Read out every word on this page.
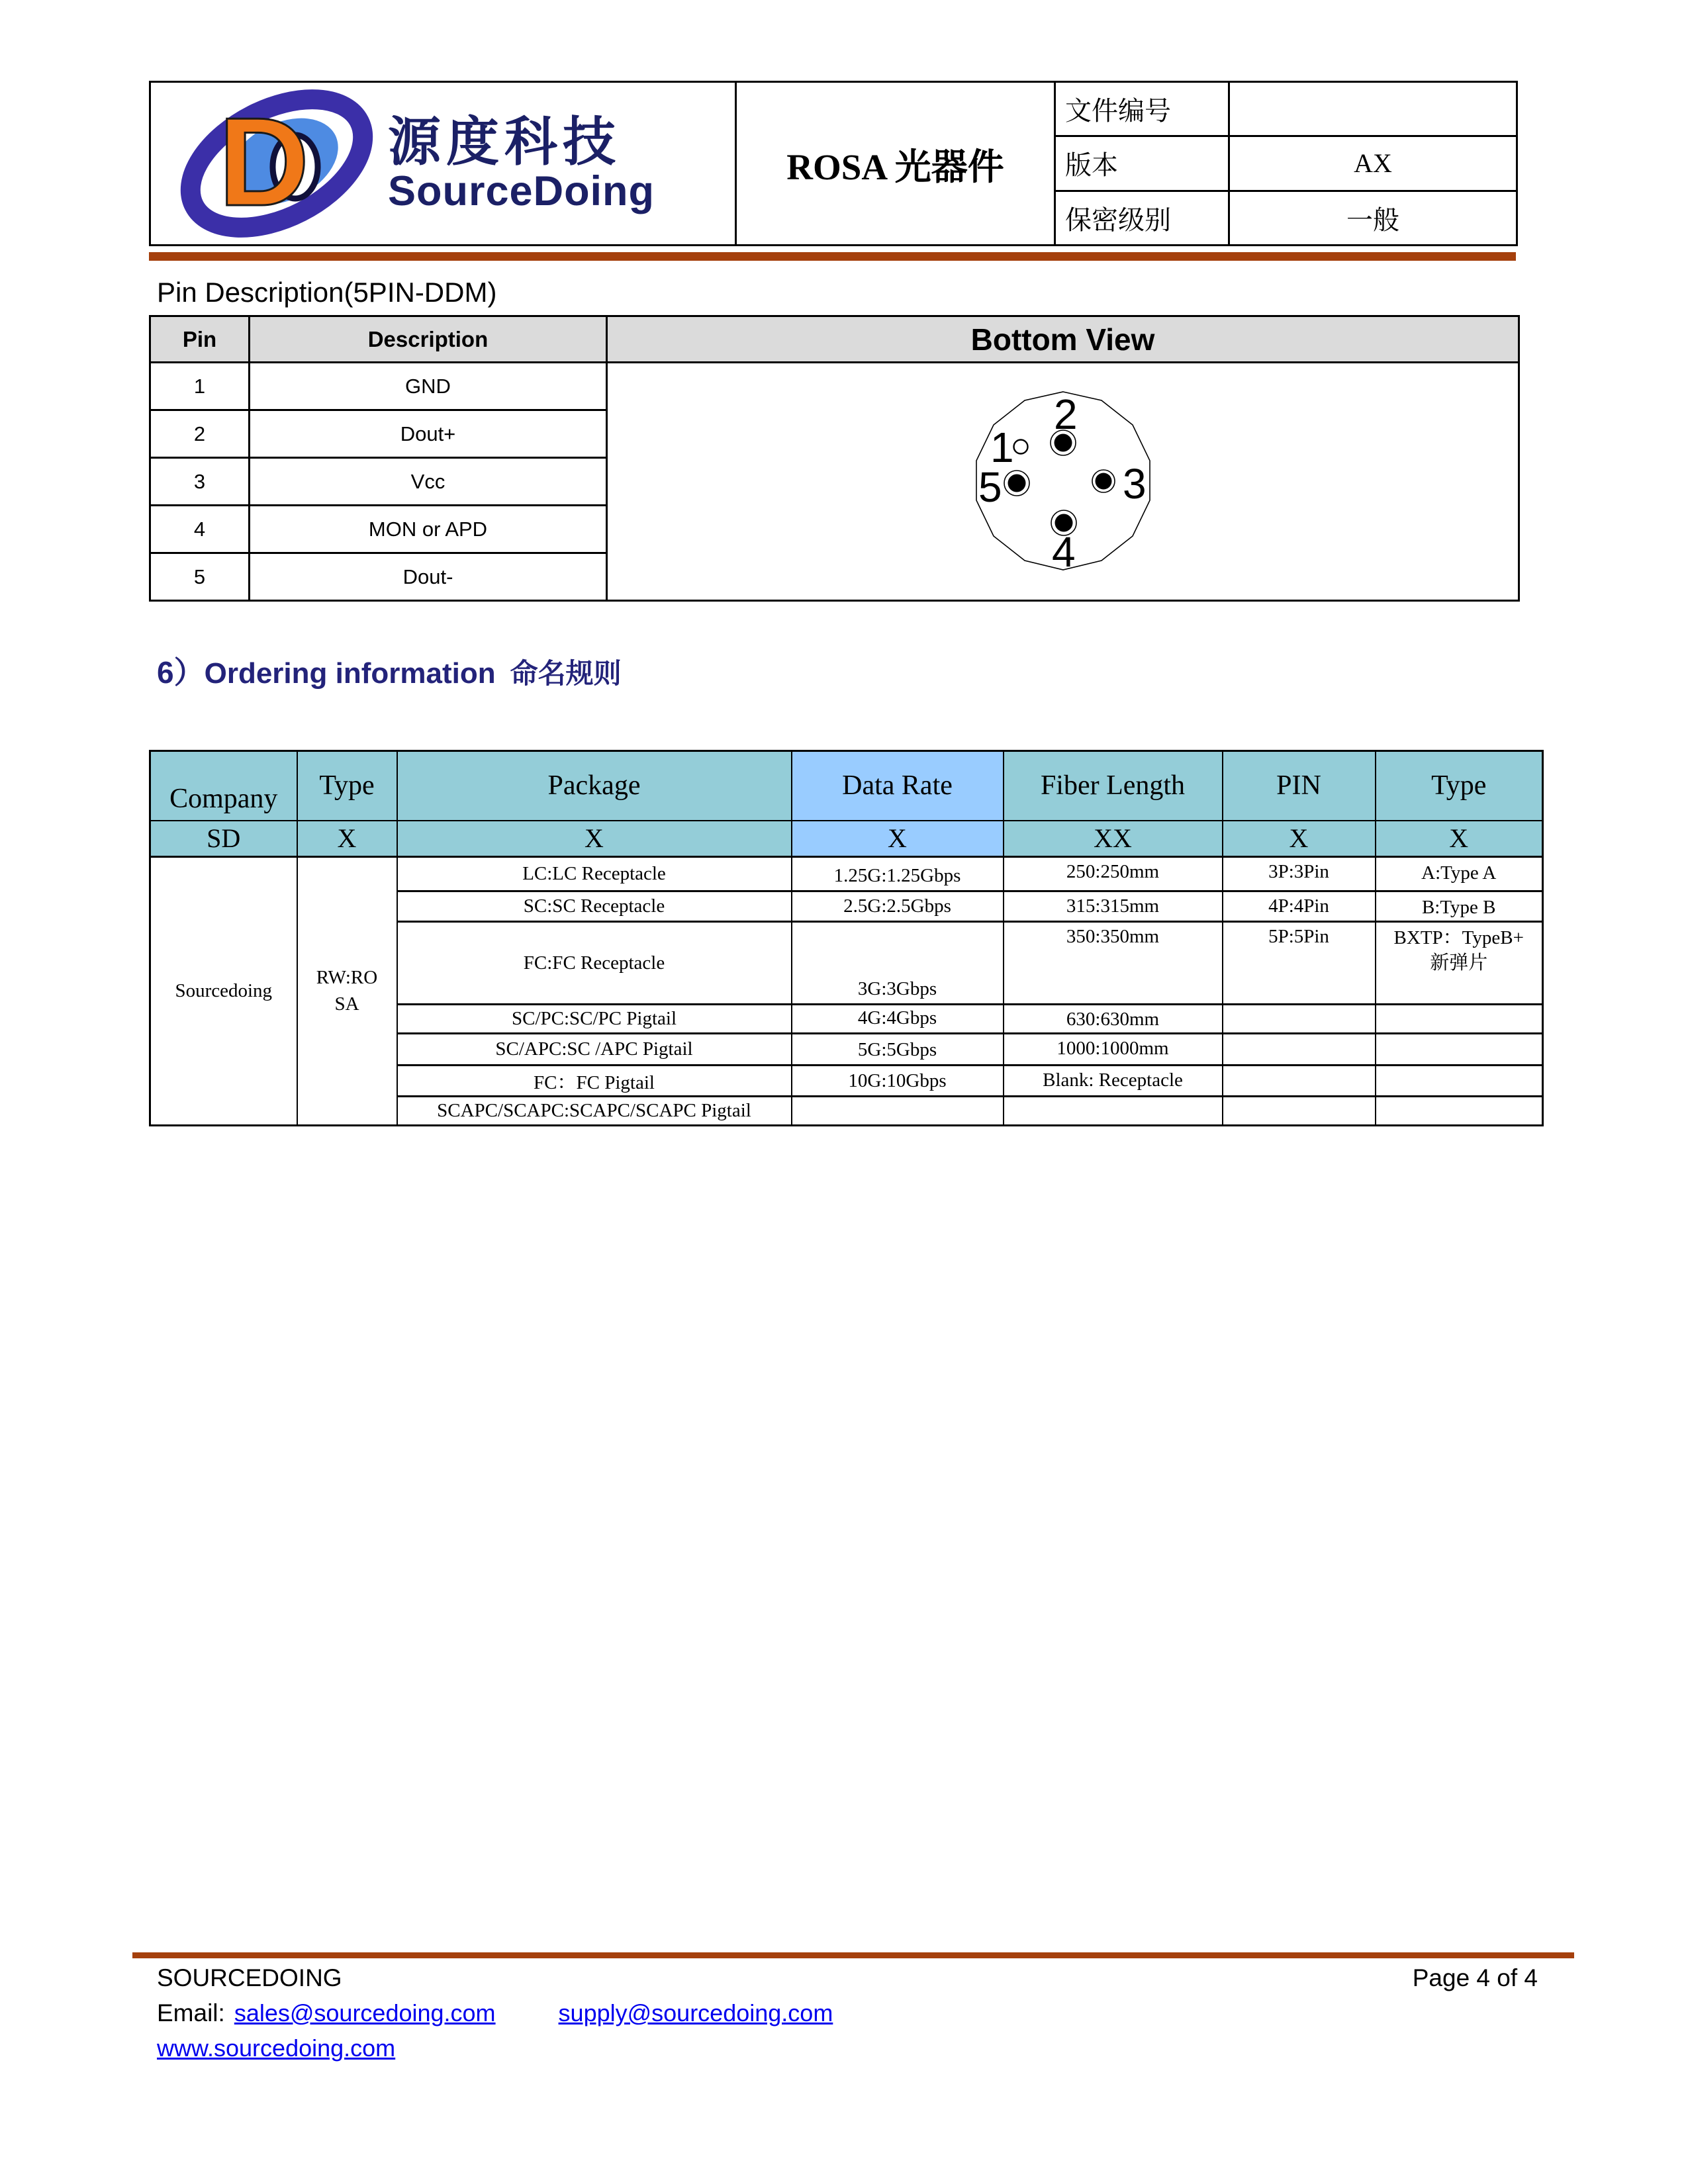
D 源度科技
SourceDoing	ROSA 光器件	文件编号	
		版本	AX
		保密级别	一般
Pin Description(5PIN-DDM)
Pin	Description	Bottom View
1	GND	2
1
5 3
4

2	Dout+	
3	Vcc	
4	MON or APD	
5	Dout-	
6） Ordering information 命名规则
Company	Type	Package	Data Rate	Fiber Length	PIN	Type
SD	X	X	X	XX	X	X
Sourcedoing	RW:ROSA	LC:LC Receptacle	1.25G:1.25Gbps	250:250mm	3P:3Pin	A:Type A
		SC:SC Receptacle	2.5G:2.5Gbps	315:315mm	4P:4Pin	B:Type B
		FC:FC Receptacle	3G:3Gbps	350:350mm	5P:5Pin	BXTP：TypeB+ 新弹片
		SC/PC:SC/PC Pigtail	4G:4Gbps	630:630mm		
		SC/APC:SC /APC Pigtail	5G:5Gbps	1000:1000mm		
		FC：FC Pigtail	10G:10Gbps	Blank: Receptacle		
		SCAPC/SCAPC:SCAPC/SCAPC Pigtail				
SOURCEDOING	Page 4 of 4
Email: sales@sourcedoing.com	supply@sourcedoing.com
www.sourcedoing.com
